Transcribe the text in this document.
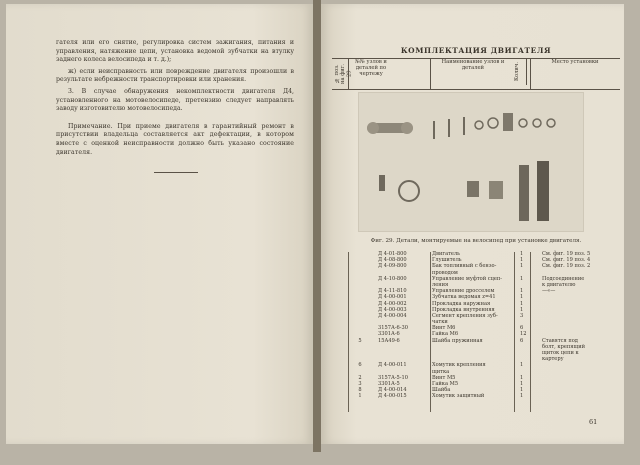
гателя или его снятие, регулировка систем зажигания, питания и управления, натяжение цепи, установка ведомой зубчатки на втулку заднего колеса велосипеда и т. д.);

ж) если неисправность или повреждение двигателя произошли в результате небрежности транспортировки или хранения.

3. В случае обнаружения некомплектности двигателя Д4, установленного на мотовелосипеде, претензию следует направлять заводу изготовителю мотовелосипеда.

Примечание. При приеме двигателя в гарантийный ремонт в присутствии владельца составляется акт дефектации, в котором вместе с оценкой неисправности должно быть указано состояние двигателя.

КОМПЛЕКТАЦИЯ ДВИГАТЕЛЯ
№ поз. на фиг. 29
№№ узлов и деталей по чертежу
Наименование узлов и деталей	Колич.
Место установки
Фиг. 29. Детали, монтируемые на велосипед при установке двигателя.
Д 4-01-800	Двигатель	1	См. фиг. 19 поз. 5
Д 4-08-800	Глушитель	1	См. фиг. 19 поз. 4
Д 4-09-800	Бак топливный с бензо-	1	См. фиг. 19 поз. 2
проводом
Д 4-10-800	Управление муфтой сцеп-	1	Подсоединение
ления	к двигателю
Д 4-11-810	Управление дросселем	1	—«—
Д 4-00-001	Зубчатка ведомая z=41	1
Д 4-00-002	Прокладка наружная	1
Д 4-00-003	Прокладка внутренняя	1
Д 4-00-004	Сегмент крепления зуб-	3
чатки
3157А-6-30	Винт М6	6
3301А-6	Гайка М6	12
5	15А49-6	Шайба пружинная	6	Ставятся под
болт, крепящий
щиток цепи к
картеру
6	Д 4-00-011	Хомутик крепления	1
щитка
2	3157А-5-10	Винт М5	1
3	3301А-5	Гайка М5	1
8	Д 4-00-014	Шайба	1
1	Д 4-00-015	Хомутик защитный	1
61
